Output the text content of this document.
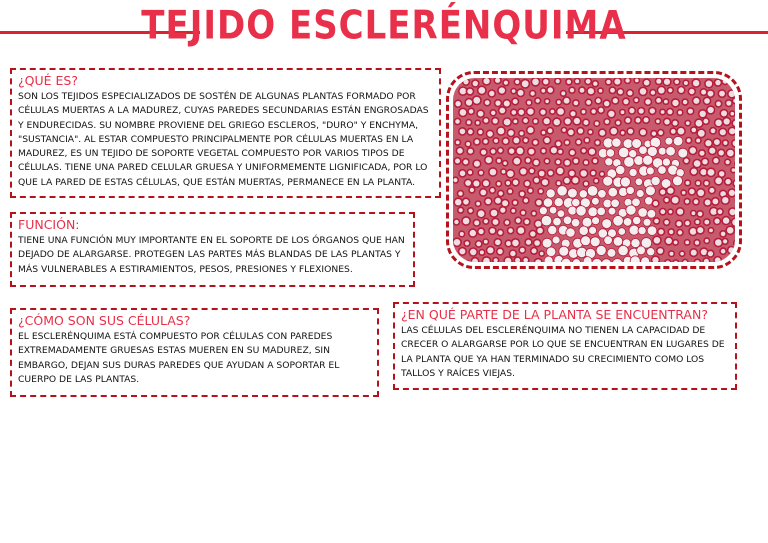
TEJIDO ESCLERÉNQUIMA
¿QUÉ ES?

SON LOS TEJIDOS ESPECIALIZADOS DE SOSTÉN DE ALGUNAS PLANTAS FORMADO POR CÉLULAS MUERTAS A LA MADUREZ, CUYAS PAREDES SECUNDARIAS ESTÁN ENGROSADAS Y ENDURECIDAS. SU NOMBRE PROVIENE DEL GRIEGO ESCLEROS, "DURO" Y ENCHYMA, "SUSTANCIA". AL ESTAR COMPUESTO PRINCIPALMENTE POR CÉLULAS MUERTAS EN LA MADUREZ, ES UN TEJIDO DE SOPORTE VEGETAL COMPUESTO POR VARIOS TIPOS DE CÉLULAS. TIENE UNA PARED CELULAR GRUESA Y UNIFORMEMENTE LIGNIFICADA, POR LO QUE LA PARED DE ESTAS CÉLULAS, QUE ESTÁN MUERTAS, PERMANECE EN LA PLANTA.

FUNCIÓN:

TIENE UNA FUNCIÓN MUY IMPORTANTE EN EL SOPORTE DE LOS ÓRGANOS QUE HAN DEJADO DE ALARGARSE. PROTEGEN LAS PARTES MÁS BLANDAS DE LAS PLANTAS Y MÁS VULNERABLES A ESTIRAMIENTOS, PESOS, PRESIONES Y FLEXIONES.

¿CÓMO SON SUS CÉLULAS?

EL ESCLERÉNQUIMA ESTÁ COMPUESTO POR CÉLULAS CON PAREDES EXTREMADAMENTE GRUESAS ESTAS MUEREN EN SU MADUREZ, SIN EMBARGO, DEJAN SUS DURAS PAREDES QUE AYUDAN A SOPORTAR EL CUERPO DE LAS PLANTAS.

¿EN QUÉ PARTE DE LA PLANTA SE ENCUENTRAN?

LAS CÉLULAS DEL ESCLERÉNQUIMA NO TIENEN LA CAPACIDAD DE CRECER O ALARGARSE POR LO QUE SE ENCUENTRAN EN LUGARES DE LA PLANTA QUE YA HAN TERMINADO SU CRECIMIENTO COMO LOS TALLOS Y RAÍCES VIEJAS.
